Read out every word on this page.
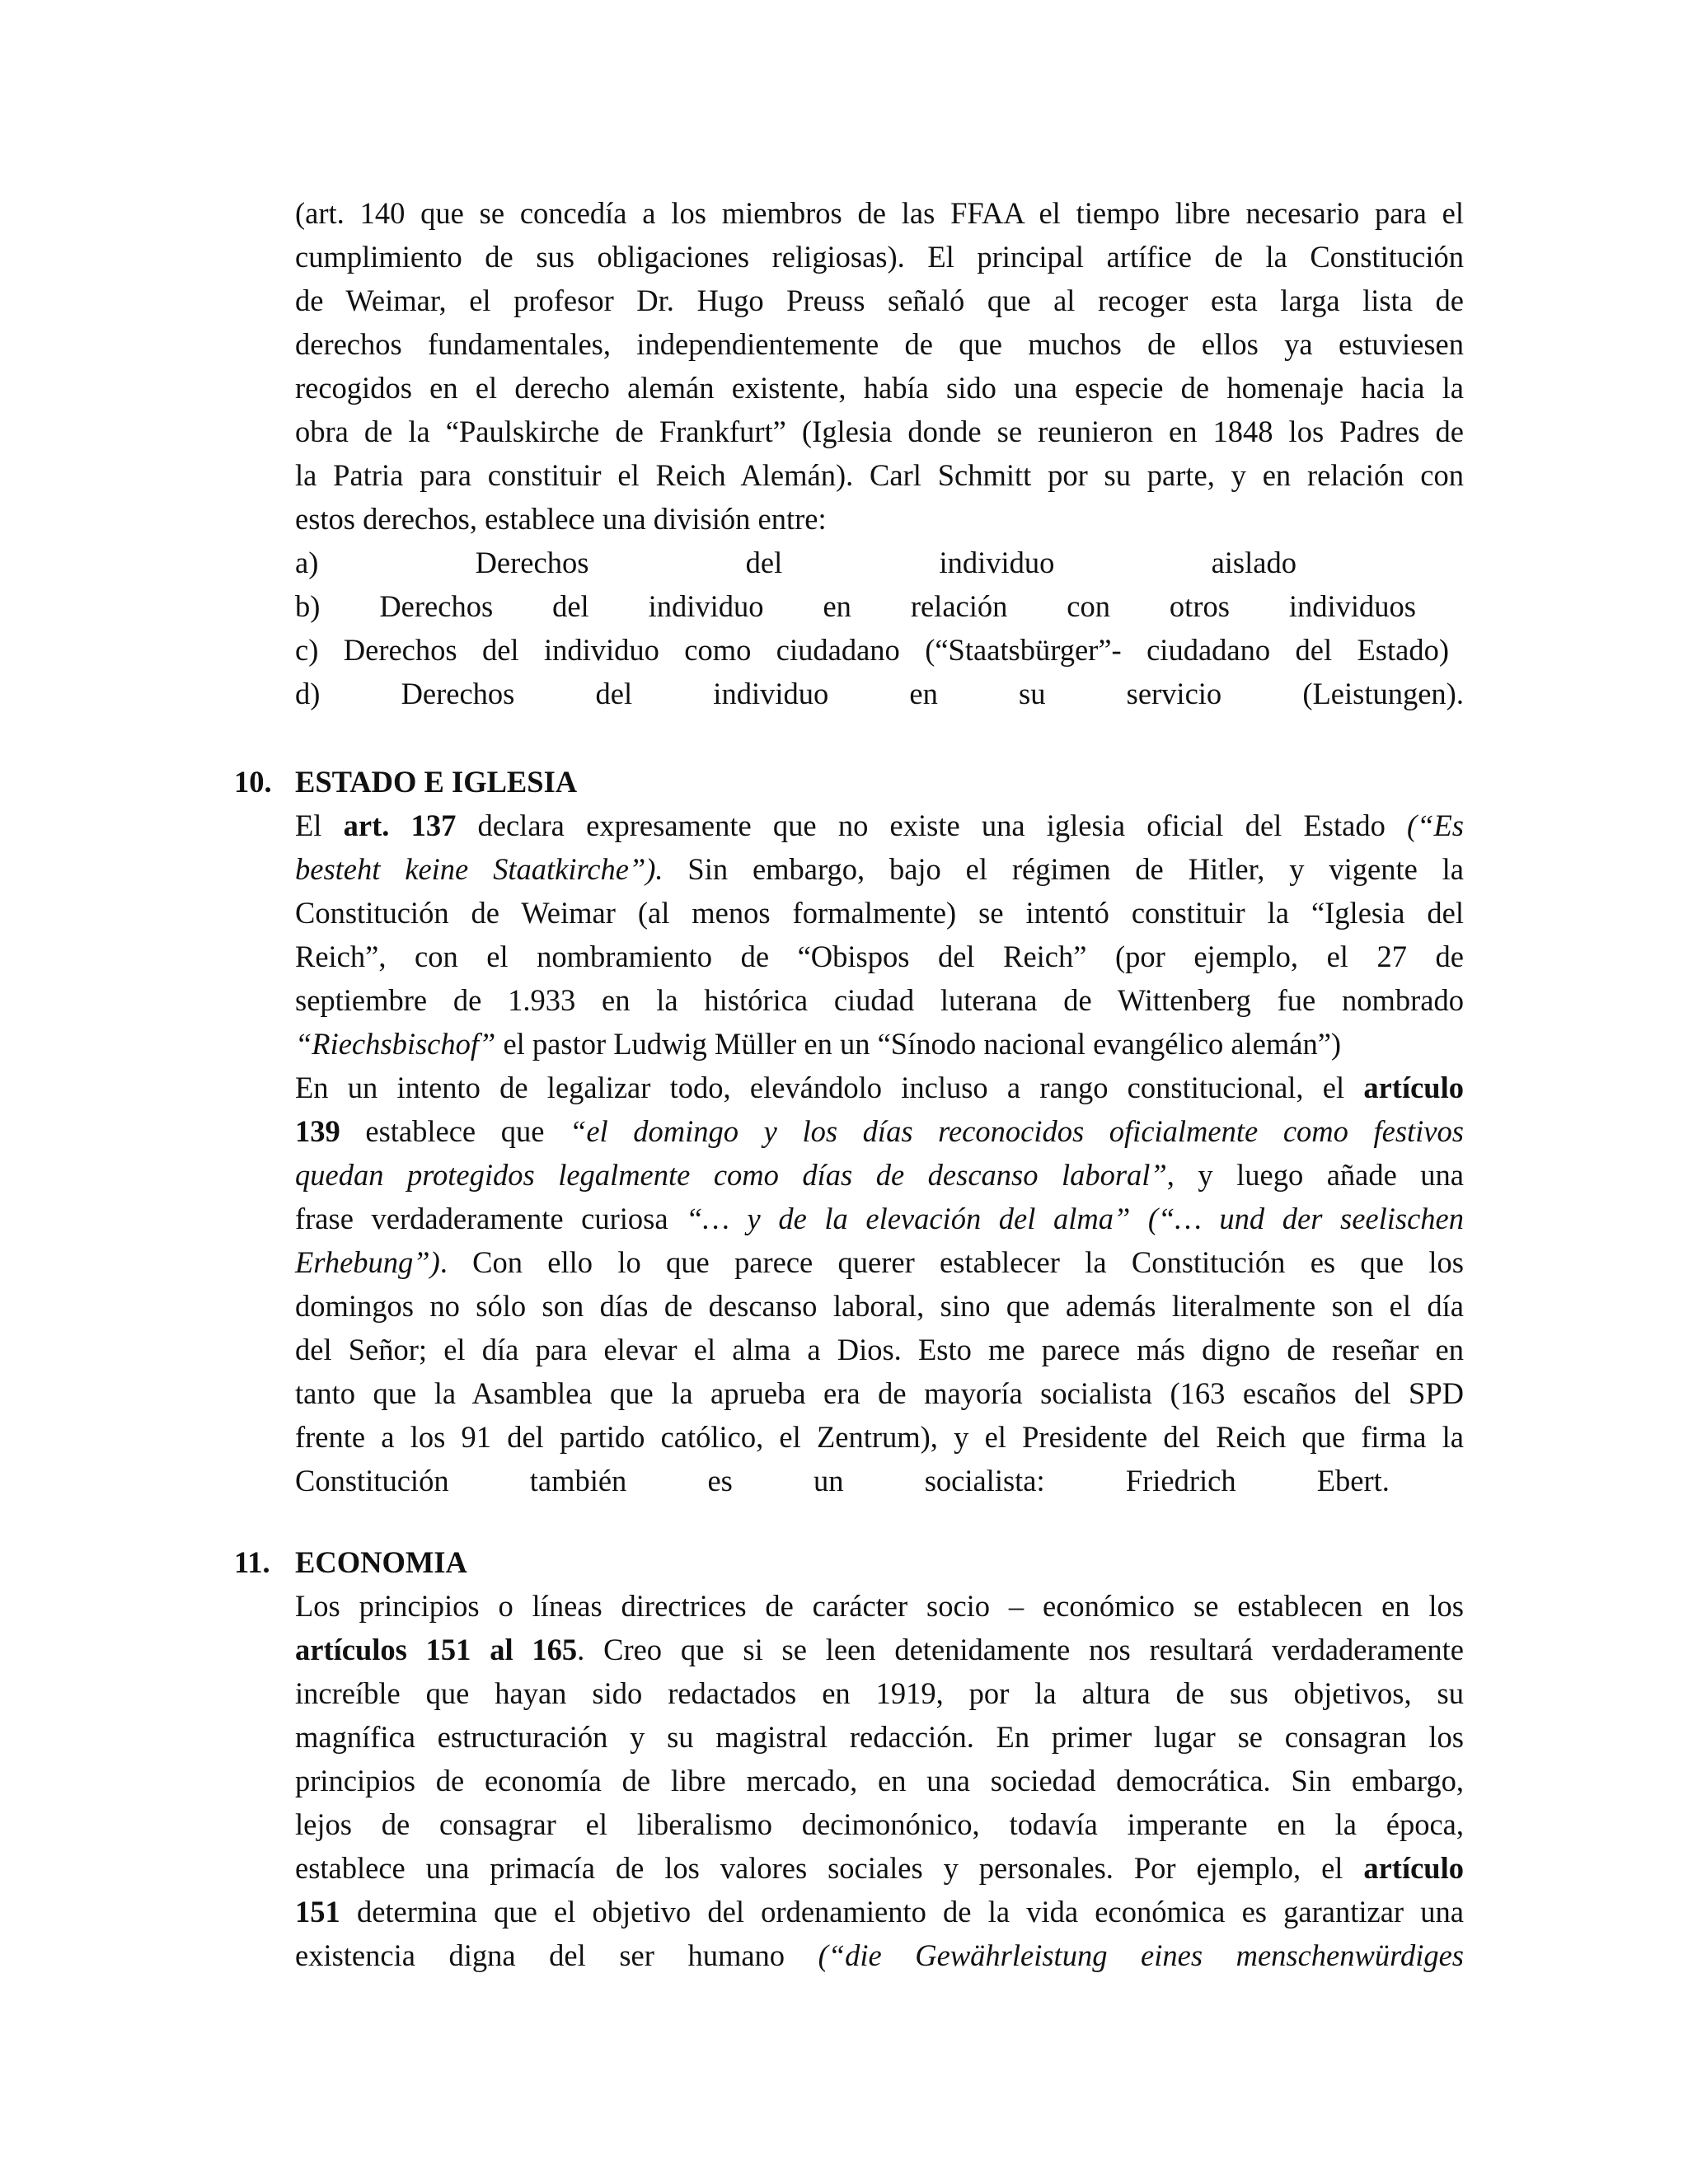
(art. 140 que se concedía a los miembros de las FFAA el tiempo libre necesario para el
cumplimiento de sus obligaciones religiosas). El principal artífice de la Constitución
de Weimar, el profesor Dr. Hugo Preuss señaló que al recoger esta larga lista de
derechos fundamentales, independientemente de que muchos de ellos ya estuviesen
recogidos en el derecho alemán existente, había sido una especie de homenaje hacia la
obra de la “Paulskirche de Frankfurt” (Iglesia donde se reunieron en 1848 los Padres de
la Patria para constituir el Reich Alemán). Carl Schmitt por su parte, y en relación con
estos derechos, establece una división entre:
a)	Derechos	del	individuo	aislado
b) Derechos del individuo en relación con otros individuos
c) Derechos del individuo como ciudadano (“Staatsbürger”- ciudadano del Estado)
d)	Derechos	del	individuo	en	su	servicio	(Leistungen).
10. ESTADO E IGLESIA
El art. 137 declara expresamente que no existe una iglesia oficial del Estado (“Es
besteht keine Staatkirche”). Sin embargo, bajo el régimen de Hitler, y vigente la
Constitución de Weimar (al menos formalmente) se intentó constituir la “Iglesia del
Reich”, con el nombramiento de “Obispos del Reich” (por ejemplo, el 27 de
septiembre de 1.933 en la histórica ciudad luterana de Wittenberg fue nombrado
“Riechsbischof” el pastor Ludwig Müller en un “Sínodo nacional evangélico alemán”)
En un intento de legalizar todo, elevándolo incluso a rango constitucional, el artículo
139 establece que “el domingo y los días reconocidos oficialmente como festivos
quedan protegidos legalmente como días de descanso laboral”, y luego añade una
frase verdaderamente curiosa “… y de la elevación del alma” (“… und der seelischen
Erhebung”). Con ello lo que parece querer establecer la Constitución es que los
domingos no sólo son días de descanso laboral, sino que además literalmente son el día
del Señor; el día para elevar el alma a Dios. Esto me parece más digno de reseñar en
tanto que la Asamblea que la aprueba era de mayoría socialista (163 escaños del SPD
frente a los 91 del partido católico, el Zentrum), y el Presidente del Reich que firma la
Constitución	también	es	un	socialista:	Friedrich	Ebert.
11. ECONOMIA
Los principios o líneas directrices de carácter socio – económico se establecen en los
artículos 151 al 165. Creo que si se leen detenidamente nos resultará verdaderamente
increíble que hayan sido redactados en 1919, por la altura de sus objetivos, su
magnífica estructuración y su magistral redacción. En primer lugar se consagran los
principios de economía de libre mercado, en una sociedad democrática. Sin embargo,
lejos de consagrar el liberalismo decimonónico, todavía imperante en la época,
establece una primacía de los valores sociales y personales. Por ejemplo, el artículo
151 determina que el objetivo del ordenamiento de la vida económica es garantizar una
existencia digna del ser humano (“die Gewährleistung eines menschenwürdiges
